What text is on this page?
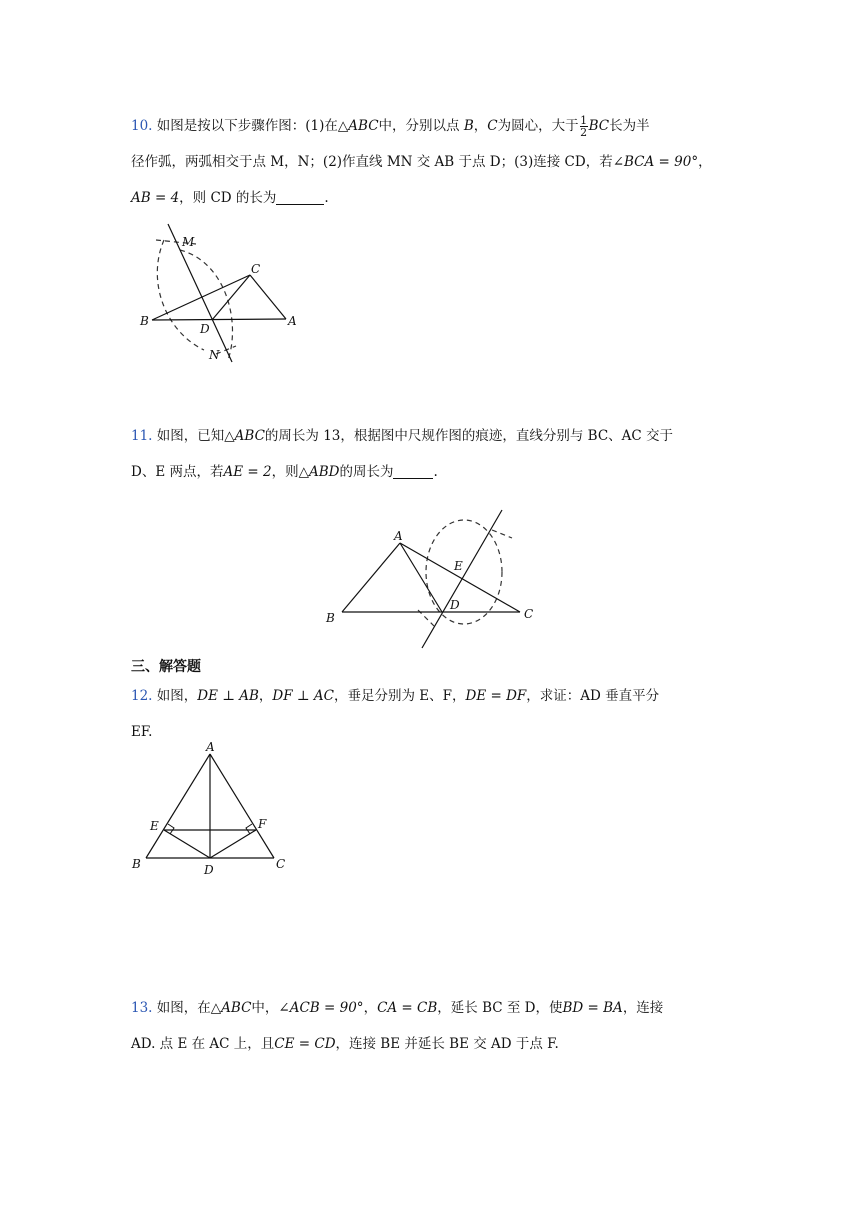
10. 如图是按以下步骤作图：(1)在△ABC中，分别以点 B，C为圆心，大于 $\frac{1}{2}$ BC长为半
径作弧，两弧相交于点 M，N；(2)作直线 MN 交 AB 于点 D；(3)连接 CD，若∠BCA = 90°，
AB = 4，则 CD 的长为	.
M
C
B
D
A
N
11. 如图，已知△ABC的周长为 13，根据图中尺规作图的痕迹，直线分别与 BC、AC 交于
D、E 两点，若AE = 2，则△ABD的周长为	.
A
E
B
D
C
三、解答题
12. 如图，DE ⊥ AB，DF ⊥ AC，垂足分别为 E、F，DE = DF，求证：AD 垂直平分
EF.
A
E	F
B	D	C
13. 如图，在△ABC中，∠ACB = 90°，CA = CB，延长 BC 至 D，使BD = BA，连接
AD. 点 E 在 AC 上，且CE = CD，连接 BE 并延长 BE 交 AD 于点 F.
